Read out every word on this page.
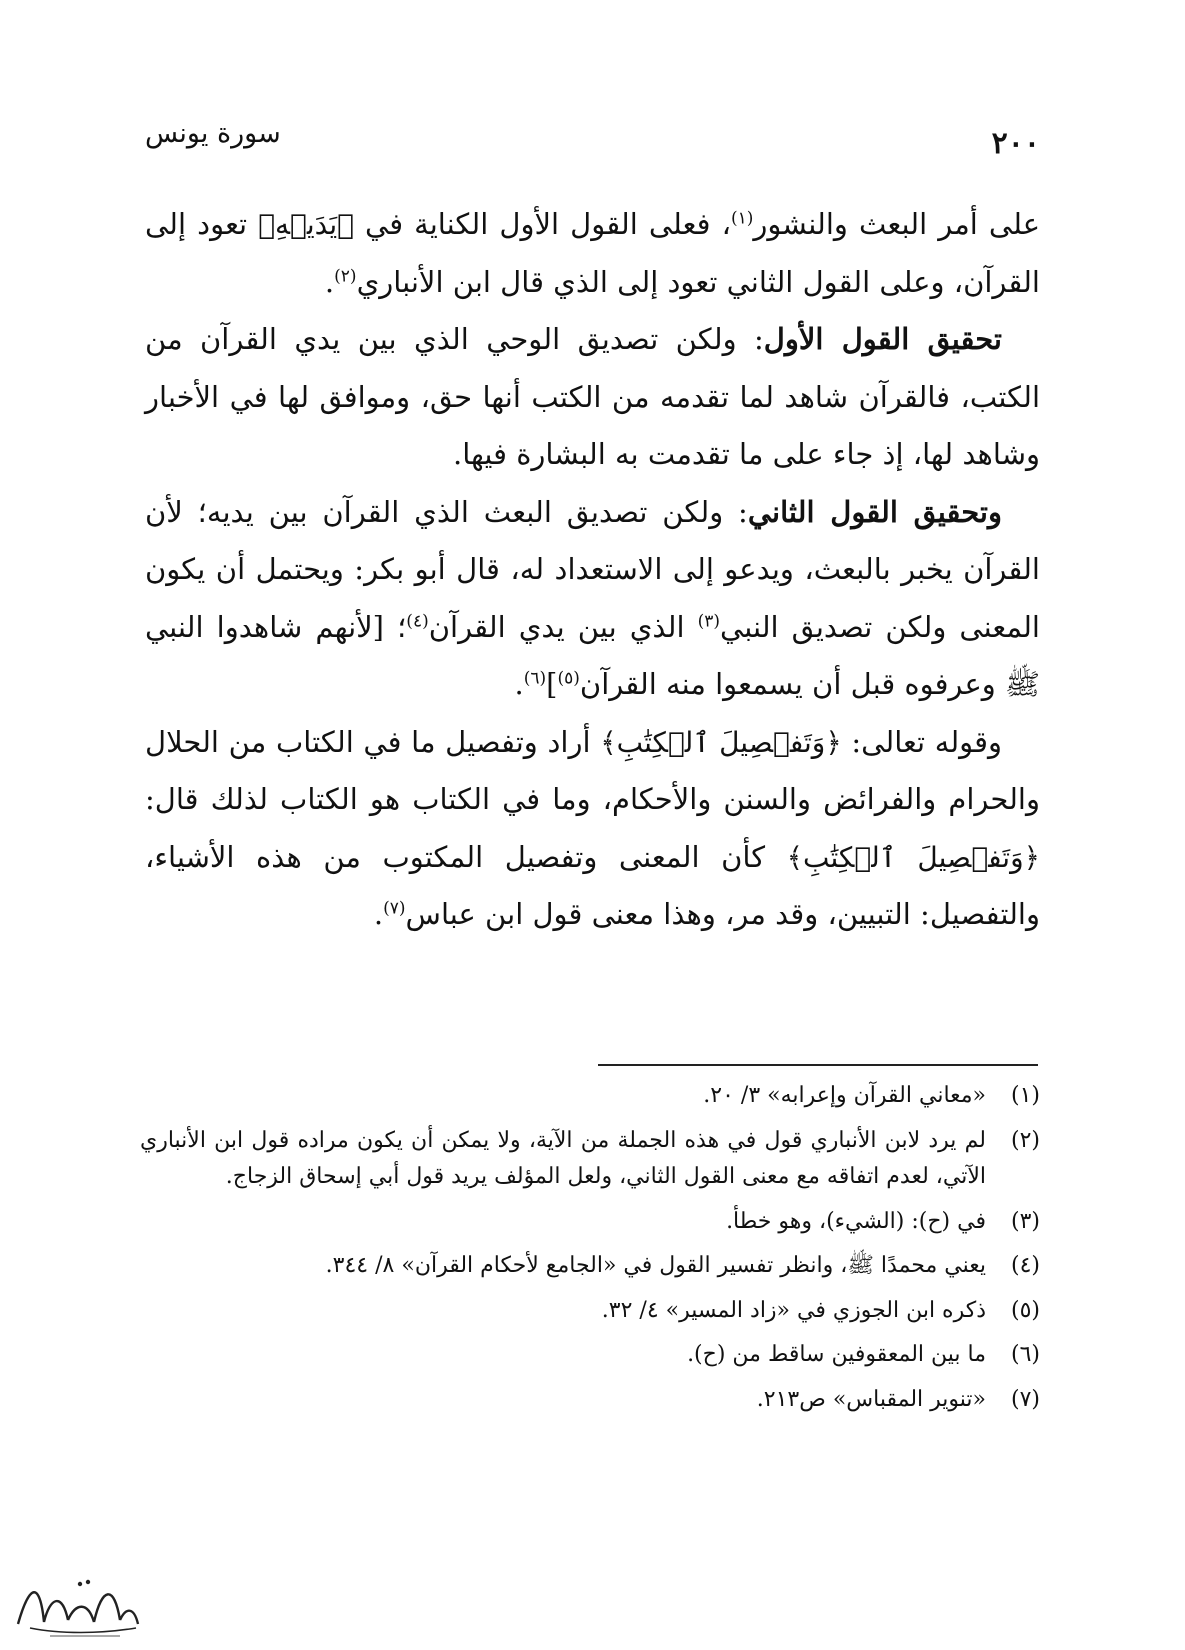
٢٠٠
سورة يونس

على أمر البعث والنشور$^{(١)}$، فعلى القول الأول الكناية في ﴿يَدَيۡهِ﴾ تعود إلى القرآن، وعلى القول الثاني تعود إلى الذي قال ابن الأنباري$^{(٢)}$.

تحقيق القول الأول: ولكن تصديق الوحي الذي بين يدي القرآن من الكتب، فالقرآن شاهد لما تقدمه من الكتب أنها حق، وموافق لها في الأخبار وشاهد لها، إذ جاء على ما تقدمت به البشارة فيها.

وتحقيق القول الثاني: ولكن تصديق البعث الذي القرآن بين يديه؛ لأن القرآن يخبر بالبعث، ويدعو إلى الاستعداد له، قال أبو بكر: ويحتمل أن يكون المعنى ولكن تصديق النبي$^{(٣)}$ الذي بين يدي القرآن$^{(٤)}$؛ [لأنهم شاهدوا النبي ﷺ وعرفوه قبل أن يسمعوا منه القرآن$^{(٥)}$]$^{(٦)}$.

وقوله تعالى: ﴿وَتَفۡصِيلَ ٱلۡكِتَٰبِ﴾ أراد وتفصيل ما في الكتاب من الحلال والحرام والفرائض والسنن والأحكام، وما في الكتاب هو الكتاب لذلك قال: ﴿وَتَفۡصِيلَ ٱلۡكِتَٰبِ﴾ كأن المعنى وتفصيل المكتوب من هذه الأشياء، والتفصيل: التبيين، وقد مر، وهذا معنى قول ابن عباس$^{(٧)}$.

(١)
«معاني القرآن وإعرابه» ٣/ ٢٠.

(٢)
لم يرد لابن الأنباري قول في هذه الجملة من الآية، ولا يمكن أن يكون مراده قول ابن الأنباري الآتي، لعدم اتفاقه مع معنى القول الثاني، ولعل المؤلف يريد قول أبي إسحاق الزجاج.

(٣)
في (ح): (الشيء)، وهو خطأ.

(٤)
يعني محمدًا ﷺ، وانظر تفسير القول في «الجامع لأحكام القرآن» ٨/ ٣٤٤.

(٥)
ذكره ابن الجوزي في «زاد المسير» ٤/ ٣٢.

(٦)
ما بين المعقوفين ساقط من (ح).

(٧)
«تنوير المقباس» ص٢١٣.
